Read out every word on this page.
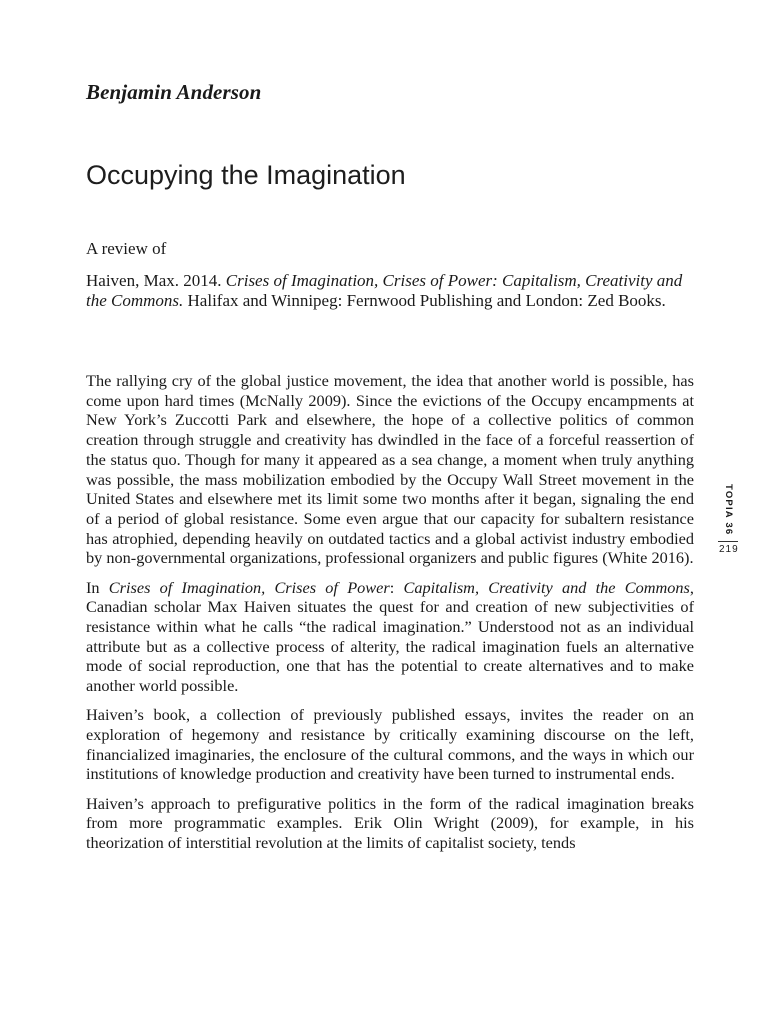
Benjamin Anderson
Occupying the Imagination

A review of

Haiven, Max. 2014. Crises of Imagination, Crises of Power: Capitalism, Creativity and the Commons. Halifax and Winnipeg: Fernwood Publishing and London: Zed Books.

The rallying cry of the global justice movement, the idea that another world is possible, has come upon hard times (McNally 2009). Since the evictions of the Occupy encampments at New York’s Zuccotti Park and elsewhere, the hope of a collective politics of common creation through struggle and creativity has dwindled in the face of a forceful reassertion of the status quo. Though for many it appeared as a sea change, a moment when truly anything was possible, the mass mobilization embodied by the Occupy Wall Street movement in the United States and elsewhere met its limit some two months after it began, signaling the end of a period of global resistance. Some even argue that our capacity for subaltern resistance has atrophied, depending heavily on outdated tactics and a global activist industry embodied by non-governmental organizations, professional organizers and public figures (White 2016).

In Crises of Imagination, Crises of Power: Capitalism, Creativity and the Commons, Canadian scholar Max Haiven situates the quest for and creation of new subjectivities of resistance within what he calls “the radical imagination.” Understood not as an individual attribute but as a collective process of alterity, the radical imagination fuels an alternative mode of social reproduction, one that has the potential to create alternatives and to make another world possible.

Haiven’s book, a collection of previously published essays, invites the reader on an exploration of hegemony and resistance by critically examining discourse on the left, financialized imaginaries, the enclosure of the cultural commons, and the ways in which our institutions of knowledge production and creativity have been turned to instrumental ends.

Haiven’s approach to prefigurative politics in the form of the radical imagination breaks from more programmatic examples. Erik Olin Wright (2009), for example, in his theorization of interstitial revolution at the limits of capitalist society, tends

TOPIA 36
219
